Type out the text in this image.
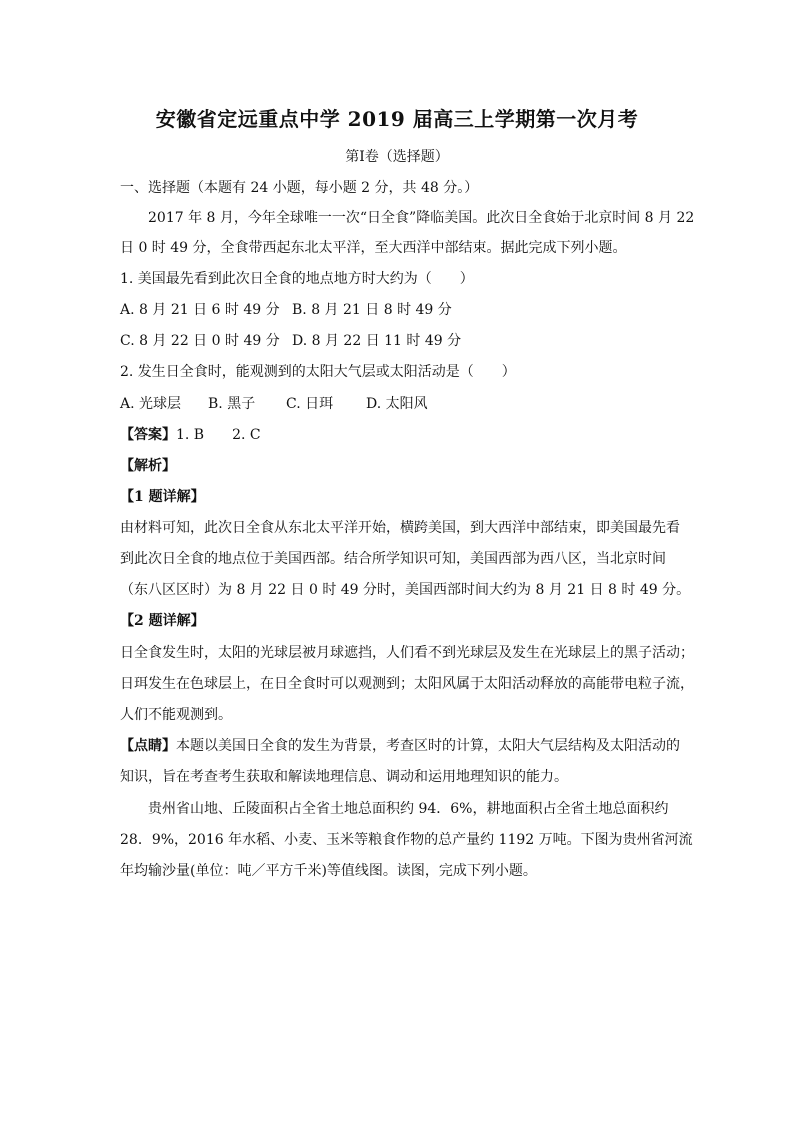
安徽省定远重点中学 2019 届高三上学期第一次月考
第Ⅰ卷（选择题）
一、选择题（本题有 24 小题，每小题 2 分，共 48 分。）
2017 年 8 月，今年全球唯一一次“日全食”降临美国。此次日全食始于北京时间 8 月 22
日 0 时 49 分，全食带西起东北太平洋，至大西洋中部结束。据此完成下列小题。
1. 美国最先看到此次日全食的地点地方时大约为（　　）
A. 8 月 21 日 6 时 49 分 B. 8 月 21 日 8 时 49 分
C. 8 月 22 日 0 时 49 分 D. 8 月 22 日 11 时 49 分
2. 发生日全食时，能观测到的太阳大气层或太阳活动是（　　）
A. 光球层 B. 黑子 C. 日珥 D. 太阳风
【答案】1. B　　2. C
【解析】
【1 题详解】
由材料可知，此次日全食从东北太平洋开始，横跨美国，到大西洋中部结束，即美国最先看
到此次日全食的地点位于美国西部。结合所学知识可知，美国西部为西八区，当北京时间
（东八区区时）为 8 月 22 日 0 时 49 分时，美国西部时间大约为 8 月 21 日 8 时 49 分。
【2 题详解】
日全食发生时，太阳的光球层被月球遮挡，人们看不到光球层及发生在光球层上的黑子活动；
日珥发生在色球层上，在日全食时可以观测到；太阳风属于太阳活动释放的高能带电粒子流，
人们不能观测到。
【点睛】本题以美国日全食的发生为背景，考查区时的计算，太阳大气层结构及太阳活动的
知识，旨在考查考生获取和解读地理信息、调动和运用地理知识的能力。
贵州省山地、丘陵面积占全省土地总面积约 94．6%，耕地面积占全省土地总面积约
28．9%，2016 年水稻、小麦、玉米等粮食作物的总产量约 1192 万吨。下图为贵州省河流
年均输沙量(单位：吨／平方千米)等值线图。读图，完成下列小题。
